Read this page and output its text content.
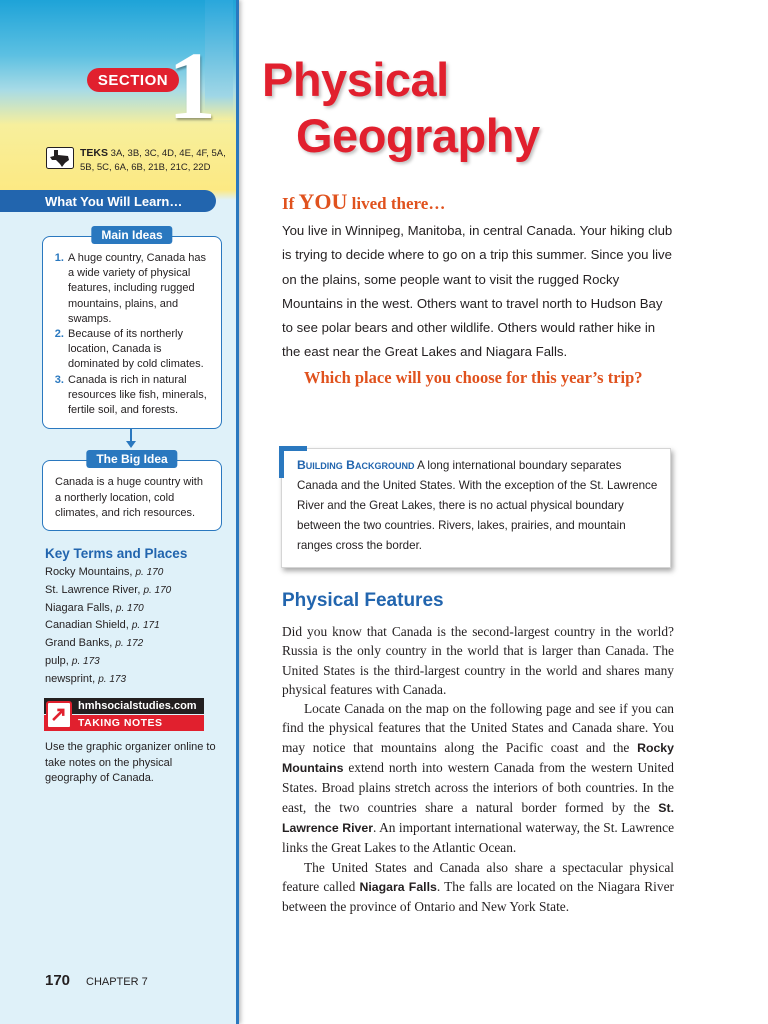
SECTION 1
TEKS 3A, 3B, 3C, 4D, 4E, 4F, 5A, 5B, 5C, 6A, 6B, 21B, 21C, 22D
What You Will Learn…
Main Ideas
1. A huge country, Canada has a wide variety of physical features, including rugged mountains, plains, and swamps.
2. Because of its northerly location, Canada is dominated by cold climates.
3. Canada is rich in natural resources like fish, minerals, fertile soil, and forests.
The Big Idea

Canada is a huge country with a northerly location, cold climates, and rich resources.

Key Terms and Places
Rocky Mountains, p. 170
St. Lawrence River, p. 170
Niagara Falls, p. 170
Canadian Shield, p. 171
Grand Banks, p. 172
pulp, p. 173
newsprint, p. 173
hmhsocialstudies.com
TAKING NOTES
Use the graphic organizer online to take notes on the physical geography of Canada.
170 CHAPTER 7
Physical
Geography
If YOU lived there…
You live in Winnipeg, Manitoba, in central Canada. Your hiking club is trying to decide where to go on a trip this summer. Since you live on the plains, some people want to visit the rugged Rocky Mountains in the west. Others want to travel north to Hudson Bay to see polar bears and other wildlife. Others would rather hike in the east near the Great Lakes and Niagara Falls.
Which place will you choose for this year’s trip?
Building Background A long international boundary separates Canada and the United States. With the exception of the St. Lawrence River and the Great Lakes, there is no actual physical boundary between the two countries. Rivers, lakes, prairies, and mountain ranges cross the border.
Physical Features

Did you know that Canada is the second-largest country in the world? Russia is the only country in the world that is larger than Canada. The United States is the third-largest country in the world and shares many physical features with Canada.

Locate Canada on the map on the following page and see if you can find the physical features that the United States and Canada share. You may notice that mountains along the Pacific coast and the Rocky Mountains extend north into western Canada from the western United States. Broad plains stretch across the interiors of both countries. In the east, the two countries share a natural border formed by the St. Lawrence River. An important international waterway, the St. Lawrence links the Great Lakes to the Atlantic Ocean.

The United States and Canada also share a spectacular physical feature called Niagara Falls. The falls are located on the Niagara River between the province of Ontario and New York State.
